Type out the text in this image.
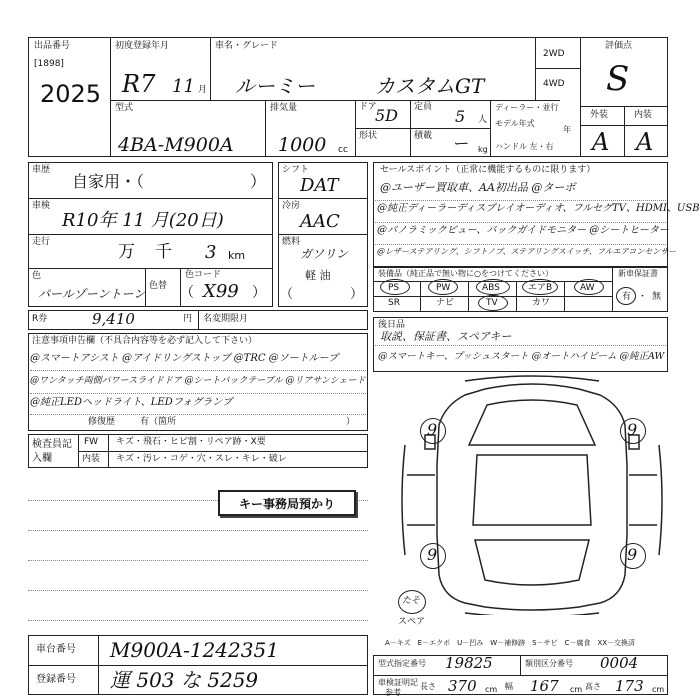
出品番号
[1898]
2025
初度登録年月
R7 11 月
車名・グレード
ルーミー	カスタムGT
2WD
4WD
評価点
S
型式
4BA-M900A
排気量
1000 cc
ドア
5D 定員 5 人
形状	積載 ー kg
ディーラー・並行
モデル年式
年
ハンドル 左・右
外装	内装
A A
車歴
自家用・（	）
車検
R10年 11 月(20日)
走行	万 千 3 km
色
パールゾーントーン
色替
色コード
（ X99 ）
シフト
DAT
冷房
AAC
燃料
ガソリン
軽 油
（	）
R券	9,410	円 名変期限月
セールスポイント（正常に機能するものに限ります）
@ユーザー買取車、AA初出品 @ターボ
@純正ディーラーディスプレイオーディオ、フルセグTV、HDMI、USB
@パノラミックビュー、バックガイドモニター @シートヒーター
@レザーステアリング、シフトノブ、ステアリングスイッチ、フルエアコンセンサー
装備品（純正品で無い物に○をつけてください）	新車保証書
有 ・ 無
PS	PW	ABS	エアB	AW
SR	ナビ	TV	カワ
注意事項申告欄（不具合内容等を必ず記入して下さい）
@スマートアシスト @アイドリングストップ @TRC @ソートループ
@ワンタッチ両側パワースライドドア @シートバックテーブル @リアサンシェード
@純正LEDヘッドライト、LEDフォグランプ
修復歴	有（箇所	）
後日品
取説、保証書、スペアキー
@スマートキー、プッシュスタート @オートハイビーム @純正AW
検査員記入欄
FW キズ・飛石・ヒビ割・リペア跡・X要
内装 キズ・汚レ・コゲ・穴・スレ・キレ・破レ
キー事務局預かり
9	9
9	9
たそ
スペア
A－キズ　E－エクボ　U－凹み　W－補修跡　S－サビ　C－腐食　XX－交換済
車台番号 M900A-1242351
登録番号 運 503 な 5259
型式指定番号 19825	類別区分番号 0004
車検証明記
参考
長さ 370 cm 幅 167 cm 高さ 173 cm
